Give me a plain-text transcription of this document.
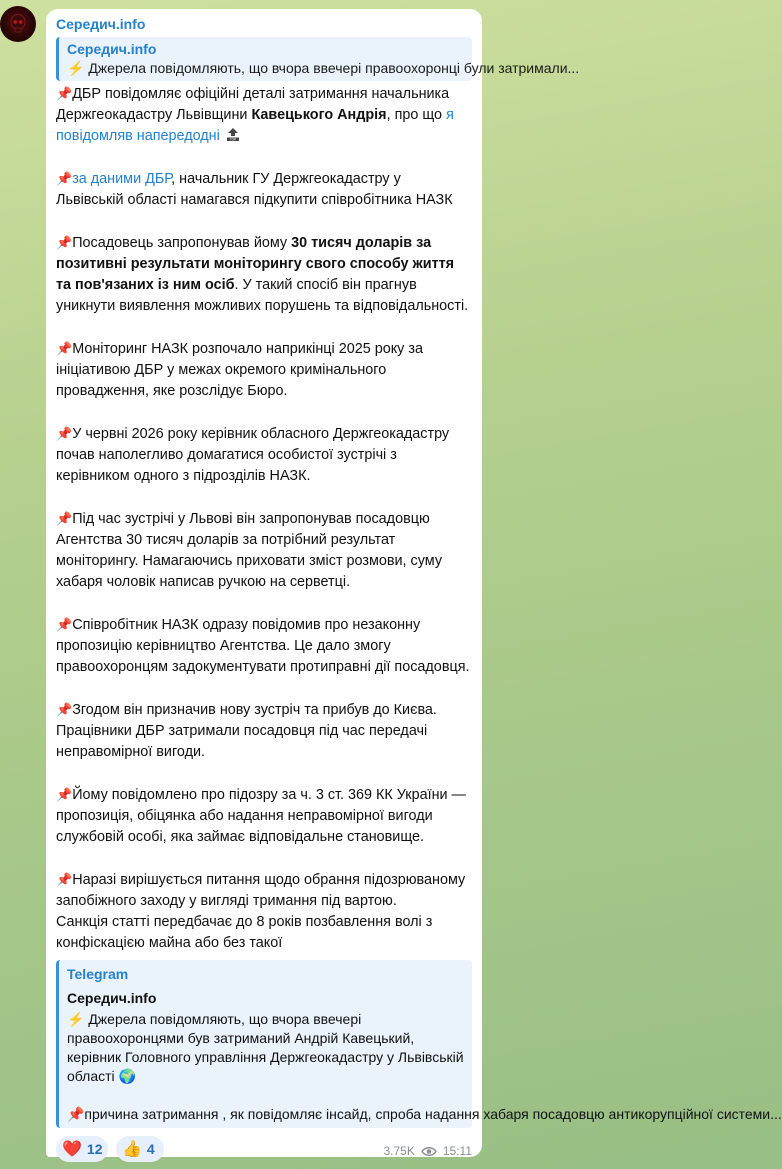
Середич.info
Середич.info
⚡ Джерела повідомляють, що вчора ввечері правоохоронці були затримали...

📌ДБР повідомляє офіційні деталі затримання начальника Держгеокадастру Львівщини Кавецького Андрія, про що я повідомляв напередодні	TOP

📌за даними ДБР, начальник ГУ Держгеокадастру у Львівській області намагався підкупити співробітника НАЗК

📌Посадовець запропонував йому 30 тисяч доларів за позитивні результати моніторингу свого способу життя та пов'язаних із ним осіб. У такий спосіб він прагнув уникнути виявлення можливих порушень та відповідальності.

📌Моніторинг НАЗК розпочало наприкінці 2025 року за ініціативою ДБР у межах окремого кримінального провадження, яке розслідує Бюро.

📌У червні 2026 року керівник обласного Держгеокадастру почав наполегливо домагатися особистої зустрічі з керівником одного з підрозділів НАЗК.

📌Під час зустрічі у Львові він запропонував посадовцю Агентства 30 тисяч доларів за потрібний результат моніторингу. Намагаючись приховати зміст розмови, суму хабаря чоловік написав ручкою на серветці.

📌Співробітник НАЗК одразу повідомив про незаконну пропозицію керівництво Агентства. Це дало змогу правоохоронцям задокументувати протиправні дії посадовця.

📌Згодом він призначив нову зустріч та прибув до Києва. Працівники ДБР затримали посадовця під час передачі неправомірної вигоди.

📌Йому повідомлено про підозру за ч. 3 ст. 369 КК України — пропозиція, обіцянка або надання неправомірної вигоди службовій особі, яка займає відповідальне становище.

📌Наразі вирішується питання щодо обрання підозрюваному запобіжного заходу у вигляді тримання під вартою.
Санкція статті передбачає до 8 років позбавлення волі з конфіскацією майна або без такої

Telegram
Середич.info
⚡ Джерела повідомляють, що вчора ввечері правоохоронцями був затриманий Андрій Кавецький, керівник Головного управління Держгеокадастру у Львівській області 🌍
📌причина затримання , як повідомляє інсайд, спроба надання хабаря посадовцю антикорупційної системи...
❤️ 12 👍 4	3.75K 15:11
